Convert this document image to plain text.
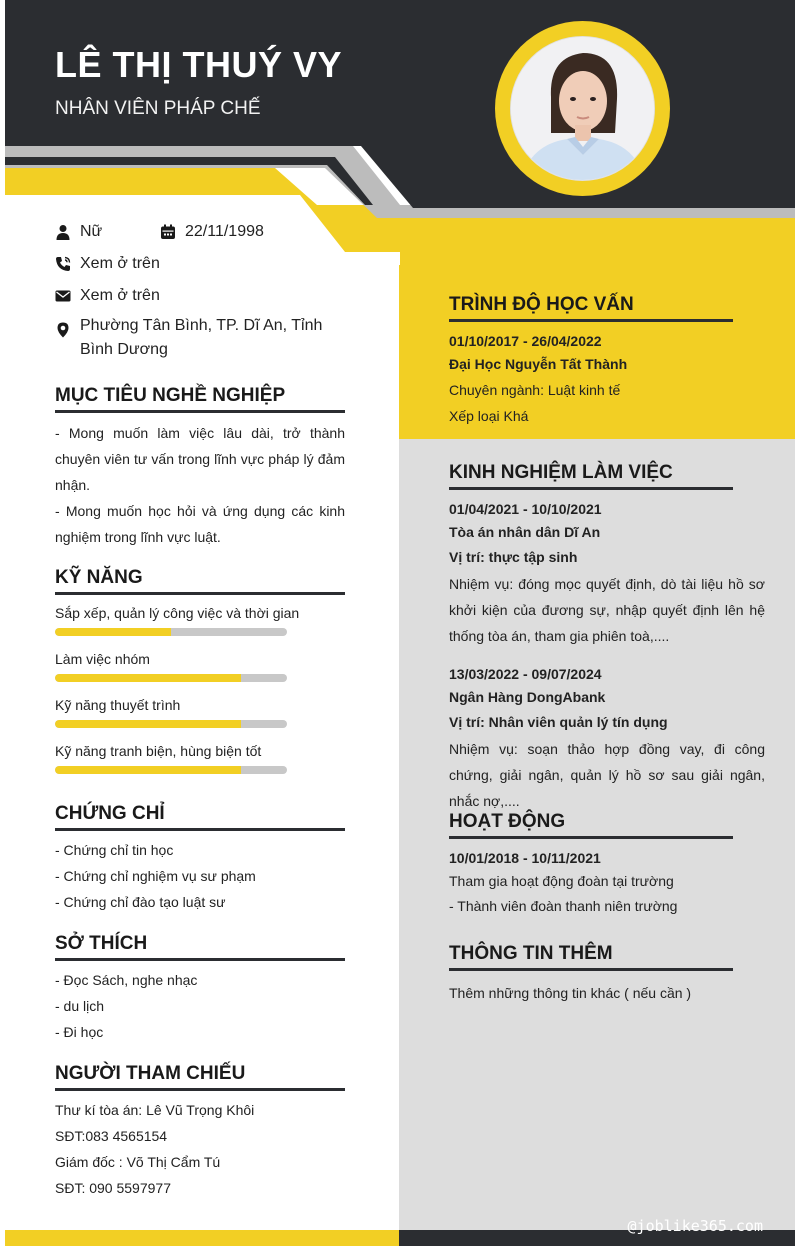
LÊ THỊ THUÝ VY
NHÂN VIÊN PHÁP CHẾ
Nữ	22/11/1998
Xem ở trên
Xem ở trên
Phường Tân Bình, TP. Dĩ An, Tỉnh
Bình Dương
MỤC TIÊU NGHỀ NGHIỆP
- Mong muốn làm việc lâu dài, trở thành chuyên viên tư vấn trong lĩnh vực pháp lý đảm nhận.
- Mong muốn học hỏi và ứng dụng các kinh nghiệm trong lĩnh vực luật.
KỸ NĂNG
Sắp xếp, quản lý công việc và thời gian
Làm việc nhóm
Kỹ năng thuyết trình
Kỹ năng tranh biện, hùng biện tốt
CHỨNG CHỈ
- Chứng chỉ tin học
- Chứng chỉ nghiệm vụ sư phạm
- Chứng chỉ đào tạo luật sư
SỞ THÍCH
- Đọc Sách, nghe nhạc
- du lịch
- Đi học
NGƯỜI THAM CHIẾU
Thư kí tòa án: Lê Vũ Trọng Khôi
SĐT:083 4565154
Giám đốc : Võ Thị Cẩm Tú
SĐT: 090 5597977
TRÌNH ĐỘ HỌC VẤN
01/10/2017 - 26/04/2022
Đại Học Nguyễn Tất Thành
Chuyên ngành: Luật kinh tế
Xếp loại Khá
KINH NGHIỆM LÀM VIỆC
01/04/2021 - 10/10/2021
Tòa án nhân dân Dĩ An
Vị trí: thực tập sinh
Nhiệm vụ: đóng mọc quyết định, dò tài liệu hồ sơ khởi kiện của đương sự, nhập quyết định lên hệ thống tòa án, tham gia phiên toà,....
13/03/2022 - 09/07/2024
Ngân Hàng DongAbank
Vị trí: Nhân viên quản lý tín dụng
Nhiệm vụ: soạn thảo hợp đồng vay, đi công chứng, giải ngân, quản lý hồ sơ sau giải ngân, nhắc nợ,....
HOẠT ĐỘNG
10/01/2018 - 10/11/2021
Tham gia hoạt động đoàn tại trường
- Thành viên đoàn thanh niên trường
THÔNG TIN THÊM
Thêm những thông tin khác ( nếu cần )
@joblike365.com
